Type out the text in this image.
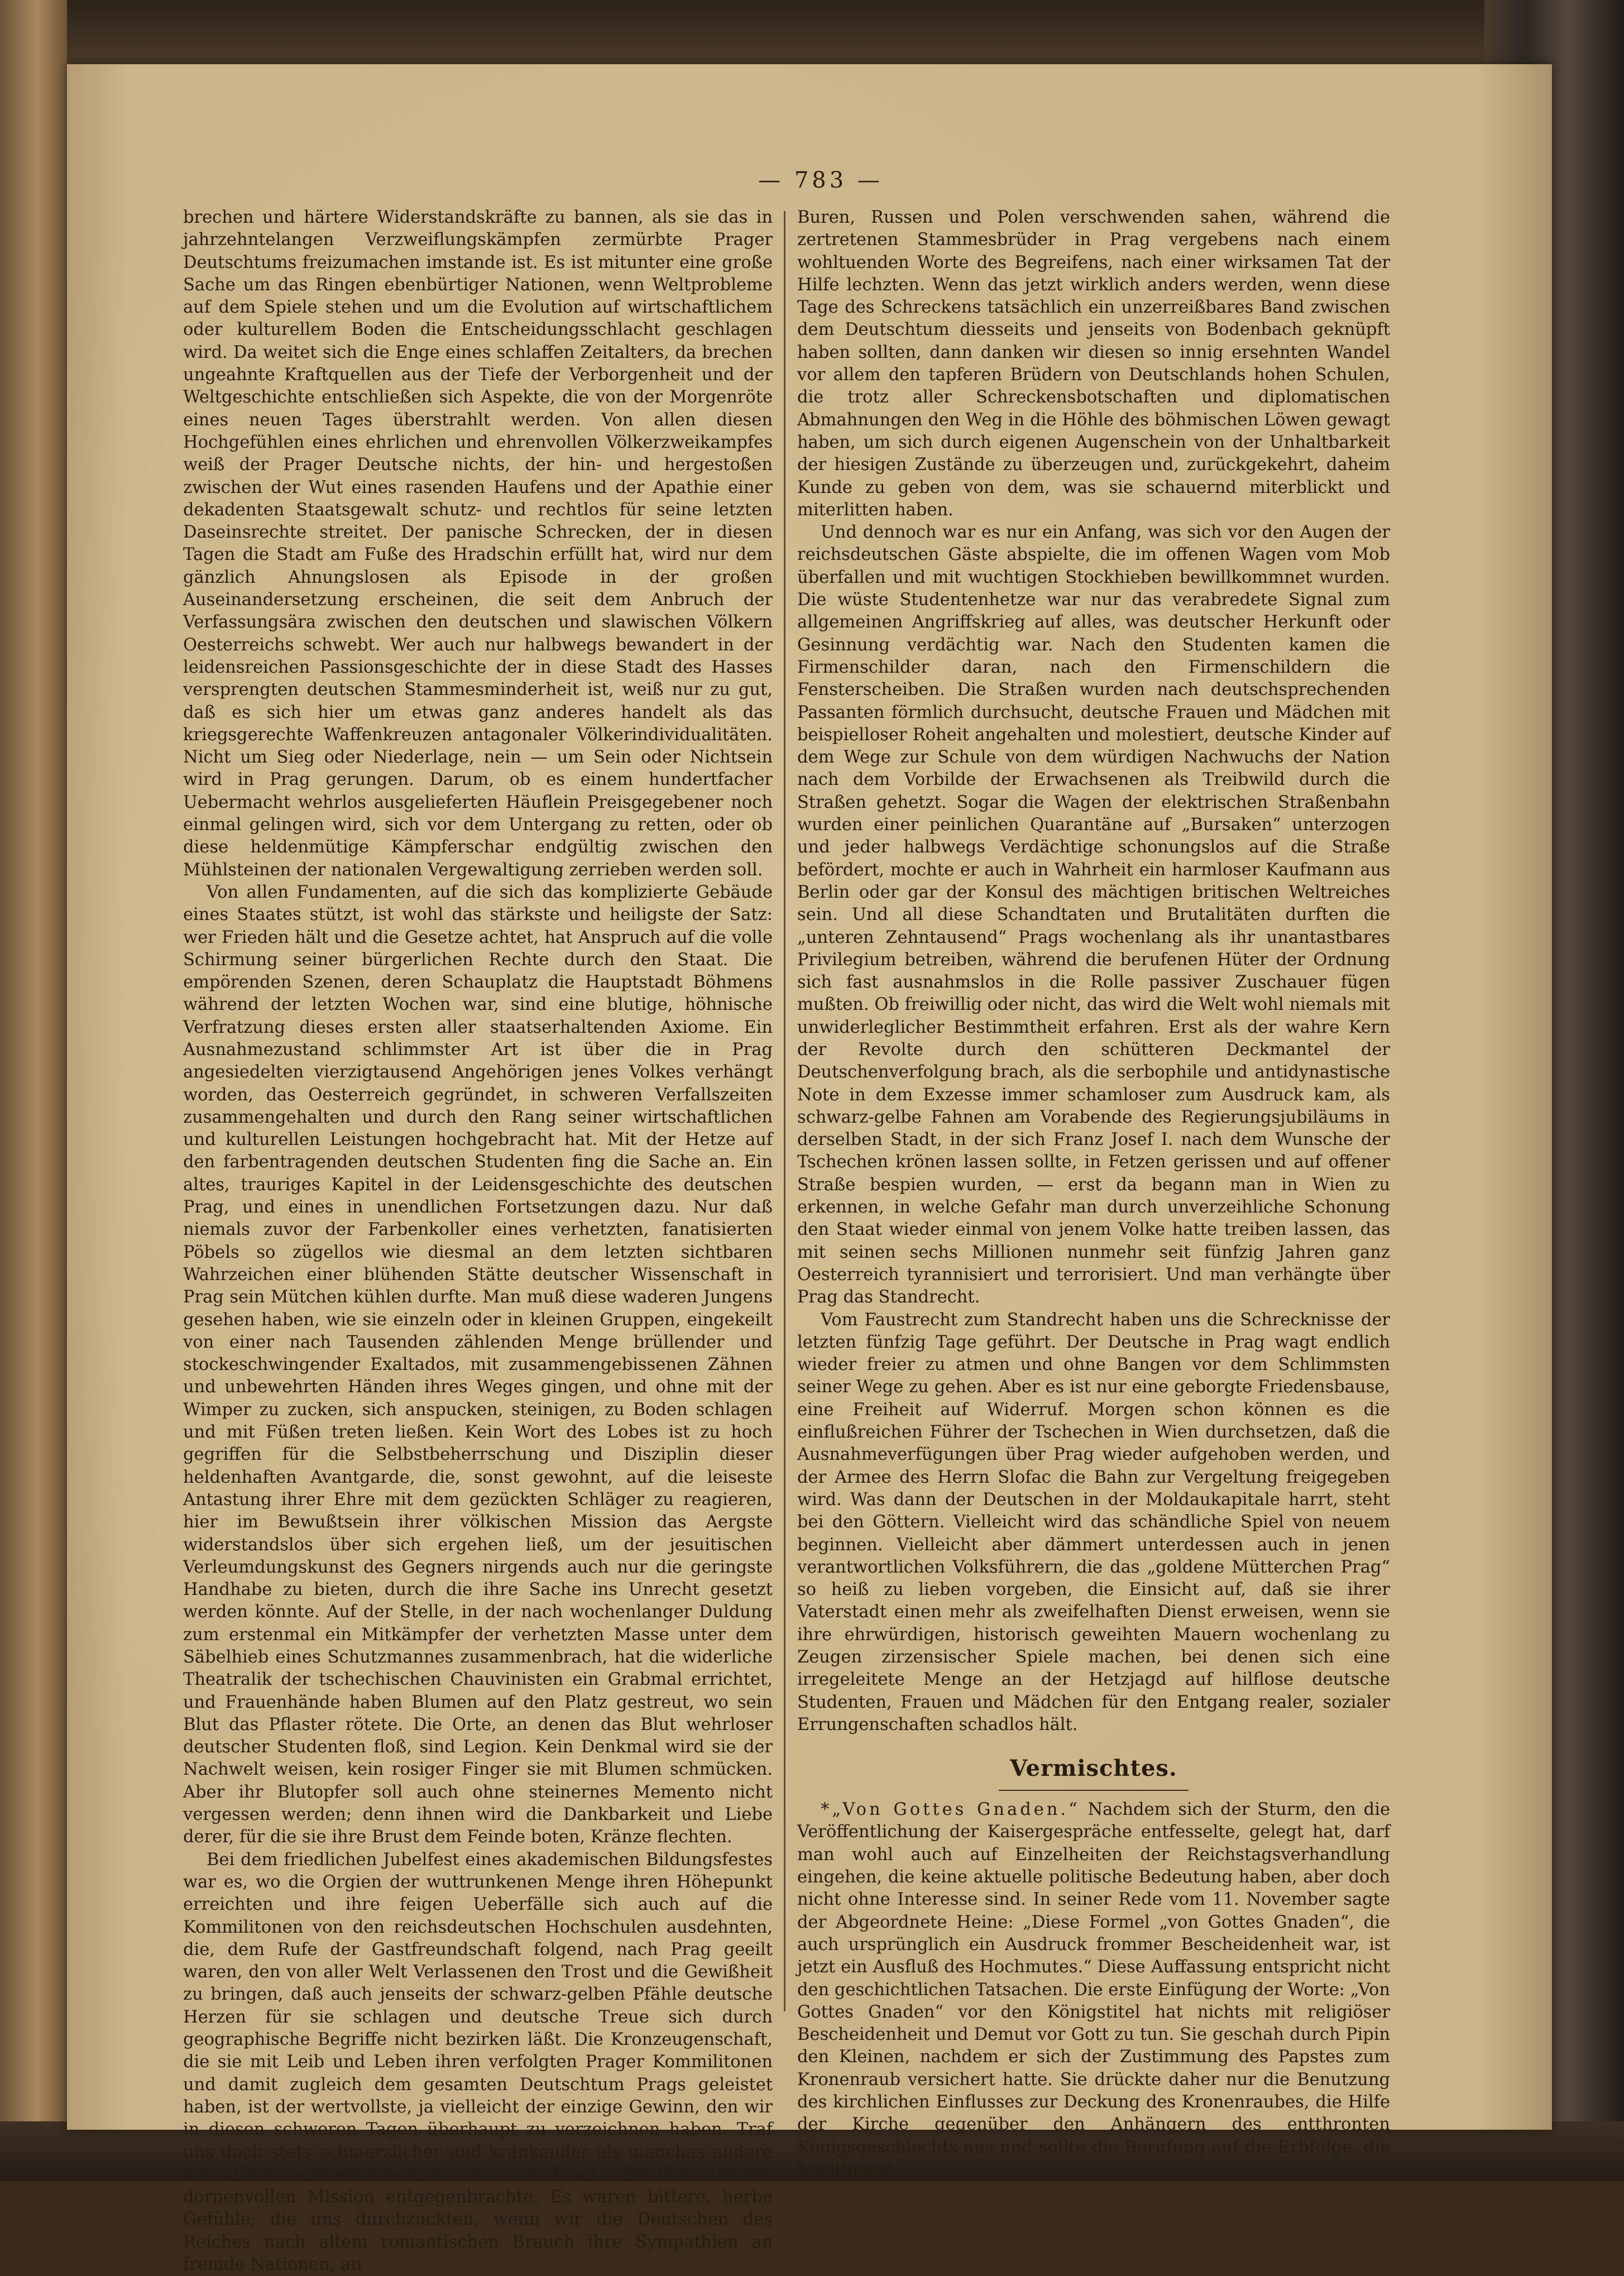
— 783 —

brechen und härtere Widerstandskräfte zu bannen, als sie das in jahrzehntelangen Verzweiflungskämpfen zermürbte Prager Deutschtums freizumachen imstande ist. Es ist mitunter eine große Sache um das Ringen ebenbürtiger Nationen, wenn Weltprobleme auf dem Spiele stehen und um die Evolution auf wirtschaftlichem oder kulturellem Boden die Entscheidungsschlacht geschlagen wird. Da weitet sich die Enge eines schlaffen Zeitalters, da brechen ungeahnte Kraftquellen aus der Tiefe der Verborgenheit und der Weltgeschichte entschließen sich Aspekte, die von der Morgenröte eines neuen Tages überstrahlt werden. Von allen diesen Hochgefühlen eines ehrlichen und ehrenvollen Völkerzweikampfes weiß der Prager Deutsche nichts, der hin- und hergestoßen zwischen der Wut eines rasenden Haufens und der Apathie einer dekadenten Staatsgewalt schutz- und rechtlos für seine letzten Daseinsrechte streitet. Der panische Schrecken, der in diesen Tagen die Stadt am Fuße des Hradschin erfüllt hat, wird nur dem gänzlich Ahnungslosen als Episode in der großen Auseinandersetzung erscheinen, die seit dem Anbruch der Verfassungsära zwischen den deutschen und slawischen Völkern Oesterreichs schwebt. Wer auch nur halbwegs bewandert in der leidensreichen Passionsgeschichte der in diese Stadt des Hasses versprengten deutschen Stammesminderheit ist, weiß nur zu gut, daß es sich hier um etwas ganz anderes handelt als das kriegsgerechte Waffenkreuzen antagonaler Völkerindividualitäten. Nicht um Sieg oder Niederlage, nein — um Sein oder Nichtsein wird in Prag gerungen. Darum, ob es einem hundertfacher Uebermacht wehrlos ausgelieferten Häuflein Preisgegebener noch einmal gelingen wird, sich vor dem Untergang zu retten, oder ob diese heldenmütige Kämpferschar endgültig zwischen den Mühlsteinen der nationalen Vergewaltigung zerrieben werden soll.

Von allen Fundamenten, auf die sich das komplizierte Gebäude eines Staates stützt, ist wohl das stärkste und heiligste der Satz: wer Frieden hält und die Gesetze achtet, hat Anspruch auf die volle Schirmung seiner bürgerlichen Rechte durch den Staat. Die empörenden Szenen, deren Schauplatz die Hauptstadt Böhmens während der letzten Wochen war, sind eine blutige, höhnische Verfratzung dieses ersten aller staatserhaltenden Axiome. Ein Ausnahmezustand schlimmster Art ist über die in Prag angesiedelten vierzigtausend Angehörigen jenes Volkes verhängt worden, das Oesterreich gegründet, in schweren Verfallszeiten zusammengehalten und durch den Rang seiner wirtschaftlichen und kulturellen Leistungen hochgebracht hat. Mit der Hetze auf den farbentragenden deutschen Studenten fing die Sache an. Ein altes, trauriges Kapitel in der Leidensgeschichte des deutschen Prag, und eines in unendlichen Fortsetzungen dazu. Nur daß niemals zuvor der Farbenkoller eines verhetzten, fanatisierten Pöbels so zügellos wie diesmal an dem letzten sichtbaren Wahrzeichen einer blühenden Stätte deutscher Wissenschaft in Prag sein Mütchen kühlen durfte. Man muß diese waderen Jungens gesehen haben, wie sie einzeln oder in kleinen Gruppen, eingekeilt von einer nach Tausenden zählenden Menge brüllender und stockeschwingender Exaltados, mit zusammengebissenen Zähnen und unbewehrten Händen ihres Weges gingen, und ohne mit der Wimper zu zucken, sich anspucken, steinigen, zu Boden schlagen und mit Füßen treten ließen. Kein Wort des Lobes ist zu hoch gegriffen für die Selbstbeherrschung und Disziplin dieser heldenhaften Avantgarde, die, sonst gewohnt, auf die leiseste Antastung ihrer Ehre mit dem gezückten Schläger zu reagieren, hier im Bewußtsein ihrer völkischen Mission das Aergste widerstandslos über sich ergehen ließ, um der jesuitischen Verleumdungskunst des Gegners nirgends auch nur die geringste Handhabe zu bieten, durch die ihre Sache ins Unrecht gesetzt werden könnte. Auf der Stelle, in der nach wochenlanger Duldung zum erstenmal ein Mitkämpfer der verhetzten Masse unter dem Säbelhieb eines Schutzmannes zusammenbrach, hat die widerliche Theatralik der tschechischen Chauvinisten ein Grabmal errichtet, und Frauenhände haben Blumen auf den Platz gestreut, wo sein Blut das Pflaster rötete. Die Orte, an denen das Blut wehrloser deutscher Studenten floß, sind Legion. Kein Denkmal wird sie der Nachwelt weisen, kein rosiger Finger sie mit Blumen schmücken. Aber ihr Blutopfer soll auch ohne steinernes Memento nicht vergessen werden; denn ihnen wird die Dankbarkeit und Liebe derer, für die sie ihre Brust dem Feinde boten, Kränze flechten.

Bei dem friedlichen Jubelfest eines akademischen Bildungsfestes war es, wo die Orgien der wuttrunkenen Menge ihren Höhepunkt erreichten und ihre feigen Ueberfälle sich auch auf die Kommilitonen von den reichsdeutschen Hochschulen ausdehnten, die, dem Rufe der Gastfreundschaft folgend, nach Prag geeilt waren, den von aller Welt Verlassenen den Trost und die Gewißheit zu bringen, daß auch jenseits der schwarz-gelben Pfähle deutsche Herzen für sie schlagen und deutsche Treue sich durch geographische Begriffe nicht bezirken läßt. Die Kronzeugenschaft, die sie mit Leib und Leben ihren verfolgten Prager Kommilitonen und damit zugleich dem gesamten Deutschtum Prags geleistet haben, ist der wertvollste, ja vielleicht der einzige Gewinn, den wir in diesen schweren Tagen überhaupt zu verzeichnen haben. Traf uns doch stets schmerzlicher und kränkender als manches andere das kühle Nichtverstehen, das man im Reiche draußen unserer dornenvollen Mission entgegenbrachte. Es waren bittere, herbe Gefühle, die uns durchzuckten, wenn wir die Deutschen des Reiches nach altem romantischen Brauch ihre Sympathien an fremde Nationen, an

Buren, Russen und Polen verschwenden sahen, während die zertretenen Stammesbrüder in Prag vergebens nach einem wohltuenden Worte des Begreifens, nach einer wirksamen Tat der Hilfe lechzten. Wenn das jetzt wirklich anders werden, wenn diese Tage des Schreckens tatsächlich ein unzerreißbares Band zwischen dem Deutschtum diesseits und jenseits von Bodenbach geknüpft haben sollten, dann danken wir diesen so innig ersehnten Wandel vor allem den tapferen Brüdern von Deutschlands hohen Schulen, die trotz aller Schreckensbotschaften und diplomatischen Abmahnungen den Weg in die Höhle des böhmischen Löwen gewagt haben, um sich durch eigenen Augenschein von der Unhaltbarkeit der hiesigen Zustände zu überzeugen und, zurückgekehrt, daheim Kunde zu geben von dem, was sie schauernd miterblickt und miterlitten haben.

Und dennoch war es nur ein Anfang, was sich vor den Augen der reichsdeutschen Gäste abspielte, die im offenen Wagen vom Mob überfallen und mit wuchtigen Stockhieben bewillkommnet wurden. Die wüste Studentenhetze war nur das verabredete Signal zum allgemeinen Angriffskrieg auf alles, was deutscher Herkunft oder Gesinnung verdächtig war. Nach den Studenten kamen die Firmenschilder daran, nach den Firmenschildern die Fensterscheiben. Die Straßen wurden nach deutschsprechenden Passanten förmlich durchsucht, deutsche Frauen und Mädchen mit beispielloser Roheit angehalten und molestiert, deutsche Kinder auf dem Wege zur Schule von dem würdigen Nachwuchs der Nation nach dem Vorbilde der Erwachsenen als Treibwild durch die Straßen gehetzt. Sogar die Wagen der elektrischen Straßenbahn wurden einer peinlichen Quarantäne auf „Bursaken“ unterzogen und jeder halbwegs Verdächtige schonungslos auf die Straße befördert, mochte er auch in Wahrheit ein harmloser Kaufmann aus Berlin oder gar der Konsul des mächtigen britischen Weltreiches sein. Und all diese Schandtaten und Brutalitäten durften die „unteren Zehntausend“ Prags wochenlang als ihr unantastbares Privilegium betreiben, während die berufenen Hüter der Ordnung sich fast ausnahmslos in die Rolle passiver Zuschauer fügen mußten. Ob freiwillig oder nicht, das wird die Welt wohl niemals mit unwiderleglicher Bestimmtheit erfahren. Erst als der wahre Kern der Revolte durch den schütteren Deckmantel der Deutschenverfolgung brach, als die serbophile und antidynastische Note in dem Exzesse immer schamloser zum Ausdruck kam, als schwarz-gelbe Fahnen am Vorabende des Regierungsjubiläums in derselben Stadt, in der sich Franz Josef I. nach dem Wunsche der Tschechen krönen lassen sollte, in Fetzen gerissen und auf offener Straße bespien wurden, — erst da begann man in Wien zu erkennen, in welche Gefahr man durch unverzeihliche Schonung den Staat wieder einmal von jenem Volke hatte treiben lassen, das mit seinen sechs Millionen nunmehr seit fünfzig Jahren ganz Oesterreich tyrannisiert und terrorisiert. Und man verhängte über Prag das Standrecht.

Vom Faustrecht zum Standrecht haben uns die Schrecknisse der letzten fünfzig Tage geführt. Der Deutsche in Prag wagt endlich wieder freier zu atmen und ohne Bangen vor dem Schlimmsten seiner Wege zu gehen. Aber es ist nur eine geborgte Friedensbause, eine Freiheit auf Widerruf. Morgen schon können es die einflußreichen Führer der Tschechen in Wien durchsetzen, daß die Ausnahmeverfügungen über Prag wieder aufgehoben werden, und der Armee des Herrn Slofac die Bahn zur Vergeltung freigegeben wird. Was dann der Deutschen in der Moldaukapitale harrt, steht bei den Göttern. Vielleicht wird das schändliche Spiel von neuem beginnen. Vielleicht aber dämmert unterdessen auch in jenen verantwortlichen Volksführern, die das „goldene Mütterchen Prag“ so heiß zu lieben vorgeben, die Einsicht auf, daß sie ihrer Vaterstadt einen mehr als zweifelhaften Dienst erweisen, wenn sie ihre ehrwürdigen, historisch geweihten Mauern wochenlang zu Zeugen zirzensischer Spiele machen, bei denen sich eine irregeleitete Menge an der Hetzjagd auf hilflose deutsche Studenten, Frauen und Mädchen für den Entgang realer, sozialer Errungenschaften schadlos hält.

Vermischtes.

*„Von Gottes Gnaden.“ Nachdem sich der Sturm, den die Veröffentlichung der Kaisergespräche entfesselte, gelegt hat, darf man wohl auch auf Einzelheiten der Reichstagsverhandlung eingehen, die keine aktuelle politische Bedeutung haben, aber doch nicht ohne Interesse sind. In seiner Rede vom 11. November sagte der Abgeordnete Heine: „Diese Formel „von Gottes Gnaden“, die auch ursprünglich ein Ausdruck frommer Bescheidenheit war, ist jetzt ein Ausfluß des Hochmutes.“ Diese Auffassung entspricht nicht den geschichtlichen Tatsachen. Die erste Einfügung der Worte: „Von Gottes Gnaden“ vor den Königstitel hat nichts mit religiöser Bescheidenheit und Demut vor Gott zu tun. Sie geschah durch Pipin den Kleinen, nachdem er sich der Zustimmung des Papstes zum Kronenraub versichert hatte. Sie drückte daher nur die Benutzung des kirchlichen Einflusses zur Deckung des Kronenraubes, die Hilfe der Kirche gegenüber den Anhängern des entthronten Königsgeschlechts aus und sollte die Berufung auf die Erbfolge, die Legitimität,
